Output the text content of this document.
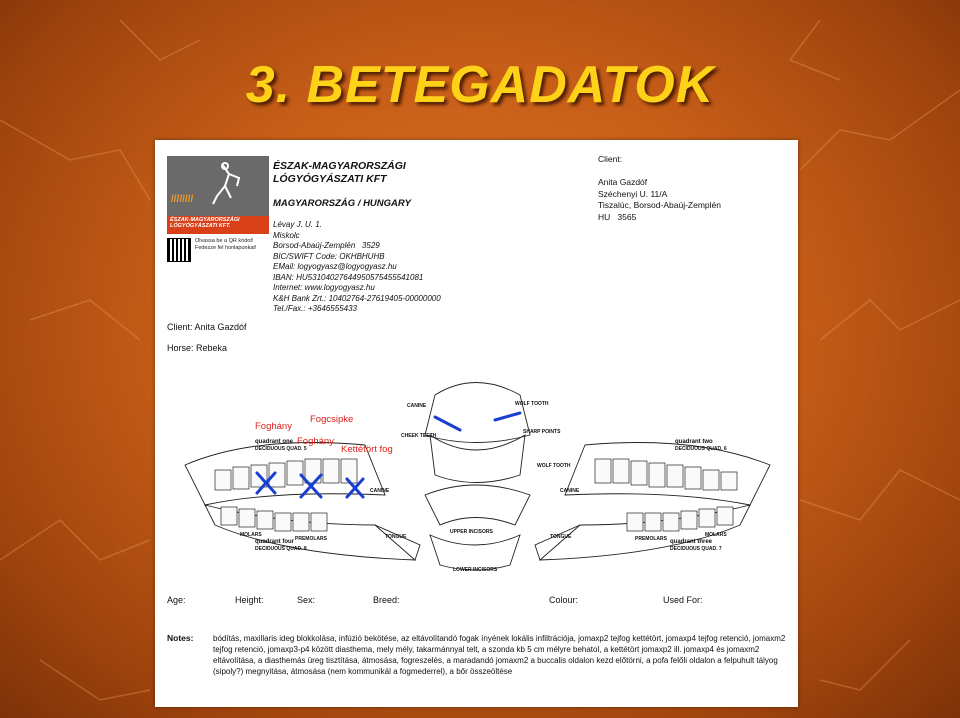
3. BETEGADATOK
////////
ÉSZAK-MAGYARORSZÁGI LÓGYÓGYÁSZATI KFT.
Olvassa be a QR kódot! Fedezze fel honlapunkat!
ÉSZAK-MAGYARORSZÁGI
LÓGYÓGYÁSZATI KFT
MAGYARORSZÁG / HUNGARY
Lévay J. U. 1.
Miskolc
Borsod-Abaúj-Zemplén   3529
BIC/SWIFT Code: OKHBHUHB
EMail: logyogyasz@logyogyasz.hu
IBAN: HU53104027644950575455541081
Internet: www.logyogyasz.hu
K&H Bank Zrt.: 10402764-27619405-00000000
Tel./Fax.: +3646555433
Client:

Anita Gazdóf
Széchenyi U. 11/A
Tiszalúc, Borsod-Abaúj-Zemplén
HU   3565
Client: Anita Gazdóf
Horse: Rebeka
quadrant one
DECIDUOUS QUAD. 5
quadrant two
DECIDUOUS QUAD. 6
quadrant four
DECIDUOUS QUAD. 8
quadrant three
DECIDUOUS QUAD. 7
CANINE	WOLF TOOTH
CHEEK TEETH
SHARP POINTS
WOLF TOOTH
UPPER INCISORS
LOWER INCISORS
MOLARS
PREMOLARS
CANINE
TONGUE	TONGUE
CANINE
PREMOLARS
MOLARS
Foghány
Fogcsipke
Foghány
Kettétört fog
Age:	Height:	Sex:	Breed:	Colour:	Used For:
Notes: bódítás, maxillaris ideg blokkolása, infúzió bekötése, az eltávolítandó fogak ínyének lokális infiltrációja, jomaxp2 tejfog kettétört, jomaxp4 tejfog retenció, jomaxm2 tejfog retenció, jomaxp3-p4 között diasthema, mely mély, takarmánnyal telt, a szonda kb 5 cm mélyre behatol, a kettétört jomaxp2 ill. jomaxp4 és jomaxm2 eltávolítása, a diasthemás üreg tisztítása, átmosása, fogreszelés, a maradandó jomaxm2 a buccalis oldalon kezd előtörni, a pofa felőli oldalon a felpuhult tályog (sipoly?) megnyitása, átmosása (nem kommunikál a fogmederrel), a bőr összeöltése
